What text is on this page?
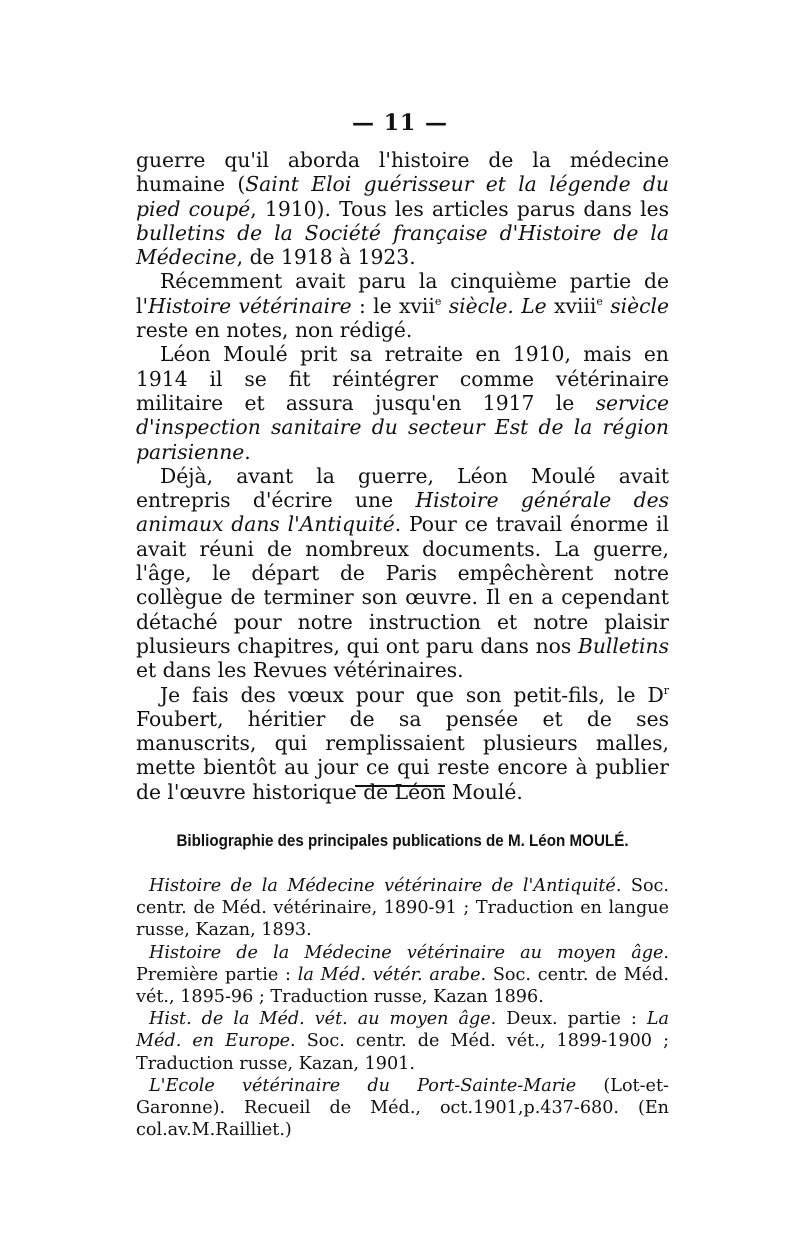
— 11 —

guerre qu'il aborda l'histoire de la médecine humaine (Saint Eloi guérisseur et la légende du pied coupé, 1910). Tous les articles parus dans les bulletins de la Société française d'Histoire de la Médecine, de 1918 à 1923.

Récemment avait paru la cinquième partie de l'Histoire vétérinaire : le xvii$^e$ siècle. Le xviii$^e$ siècle reste en notes, non rédigé.

Léon Moulé prit sa retraite en 1910, mais en 1914 il se fit réintégrer comme vétérinaire militaire et assura jusqu'en 1917 le service d'inspection sanitaire du secteur Est de la région parisienne.

Déjà, avant la guerre, Léon Moulé avait entrepris d'écrire une Histoire générale des animaux dans l'Antiquité. Pour ce travail énorme il avait réuni de nombreux documents. La guerre, l'âge, le départ de Paris empêchèrent notre collègue de terminer son œuvre. Il en a cependant détaché pour notre instruction et notre plaisir plusieurs chapitres, qui ont paru dans nos Bulletins et dans les Revues vétérinaires.

Je fais des vœux pour que son petit-fils, le $D^r$ Foubert, héritier de sa pensée et de ses manuscrits, qui remplissaient plusieurs malles, mette bientôt au jour ce qui reste encore à publier de l'œuvre historique de Léon Moulé.

Bibliographie des principales publications de M. Léon MOULÉ.

Histoire de la Médecine vétérinaire de l'Antiquité. Soc. centr. de Méd. vétérinaire, 1890-91 ; Traduction en langue russe, Kazan, 1893.

Histoire de la Médecine vétérinaire au moyen âge. Première partie : la Méd. vétér. arabe. Soc. centr. de Méd. vét., 1895-96 ; Traduction russe, Kazan 1896.

Hist. de la Méd. vét. au moyen âge. Deux. partie : La Méd. en Europe. Soc. centr. de Méd. vét., 1899-1900 ; Traduction russe, Kazan, 1901.

L'Ecole vétérinaire du Port-Sainte-Marie (Lot-et-Garonne). Recueil de Méd., oct.1901,p.437-680. (En col.av.M.Railliet.)
